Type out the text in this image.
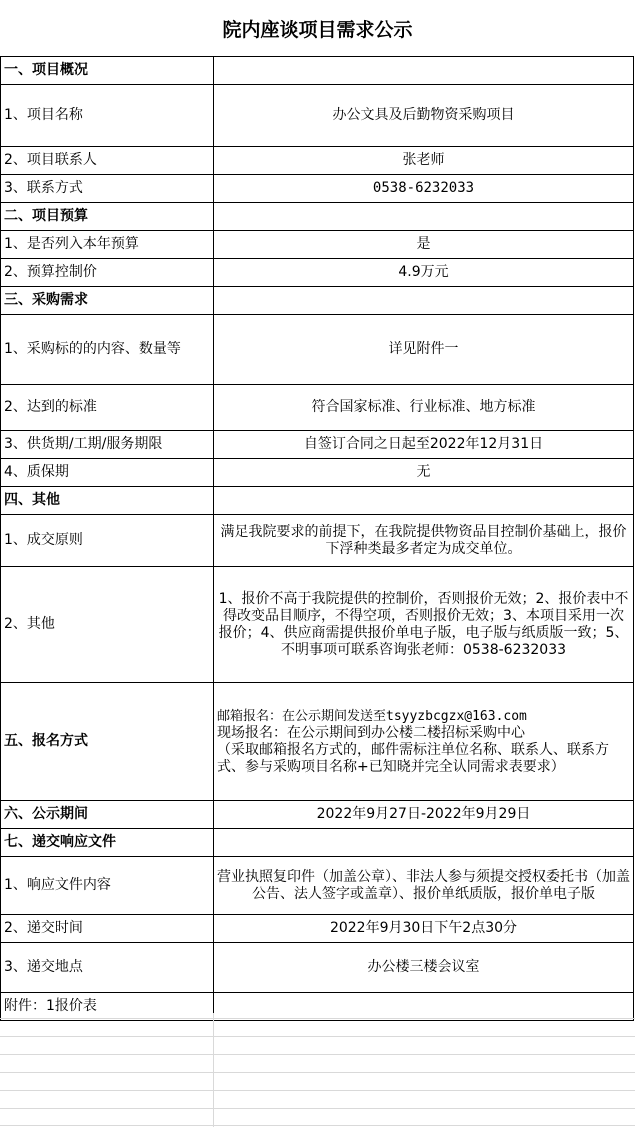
院内座谈项目需求公示
一、项目概况	
1、项目名称	办公文具及后勤物资采购项目
2、项目联系人	张老师
3、联系方式	0538-6232033
二、项目预算	
1、是否列入本年预算	是
2、预算控制价	4.9万元
三、采购需求	
1、采购标的的内容、数量等	详见附件一
2、达到的标准	符合国家标准、行业标准、地方标准
3、供货期/工期/服务期限	自签订合同之日起至2022年12月31日
4、质保期	无
四、其他	
1、成交原则	满足我院要求的前提下，在我院提供物资品目控制价基础上，报价下浮种类最多者定为成交单位。
2、其他	1、报价不高于我院提供的控制价，否则报价无效；2、报价表中不得改变品目顺序，不得空项，否则报价无效；3、本项目采用一次报价；4、供应商需提供报价单电子版，电子版与纸质版一致；5、不明事项可联系咨询张老师：0538-6232033
五、报名方式	邮箱报名：在公示期间发送至tsyyzbcgzx@163.com
现场报名：在公示期间到办公楼二楼招标采购中心
（采取邮箱报名方式的，邮件需标注单位名称、联系人、联系方式、参与采购项目名称+已知晓并完全认同需求表要求）

六、公示期间	2022年9月27日-2022年9月29日
七、递交响应文件	
1、响应文件内容	营业执照复印件（加盖公章）、非法人参与须提交授权委托书（加盖公告、法人签字或盖章）、报价单纸质版，报价单电子版
2、递交时间	2022年9月30日下午2点30分
3、递交地点	办公楼三楼会议室
附件：1报价表	
